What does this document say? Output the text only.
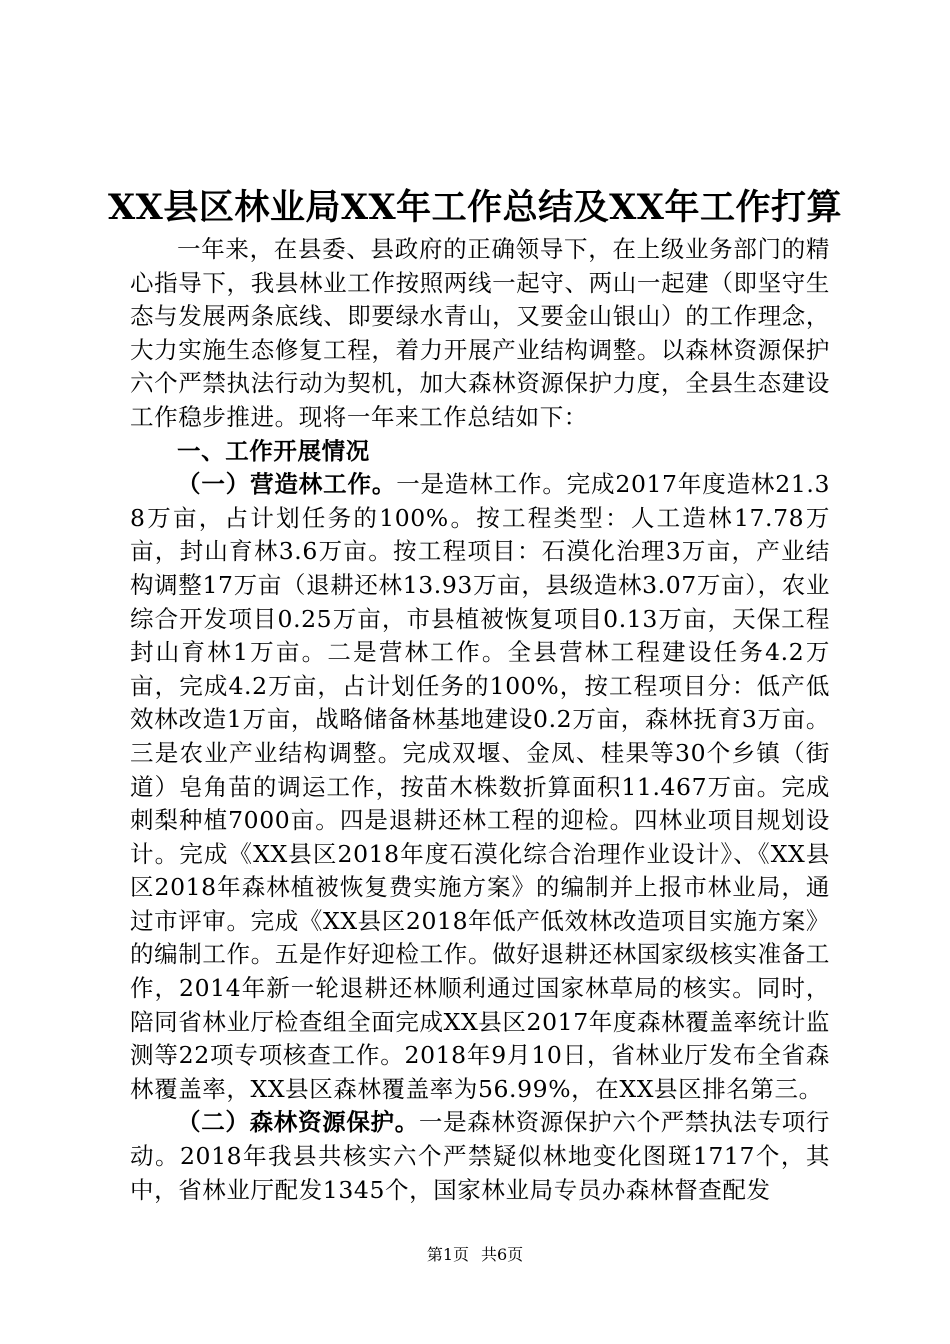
XX县区林业局XX年工作总结及XX年工作打算

一年来，在县委、县政府的正确领导下，在上级业务部门的精心指导下，我县林业工作按照两线一起守、两山一起建（即坚守生态与发展两条底线、即要绿水青山，又要金山银山）的工作理念，大力实施生态修复工程，着力开展产业结构调整。以森林资源保护六个严禁执法行动为契机，加大森林资源保护力度，全县生态建设工作稳步推进。现将一年来工作总结如下：

一、工作开展情况

（一）营造林工作。一是造林工作。完成2017年度造林21.38万亩，占计划任务的100%。按工程类型：人工造林17.78万亩，封山育林3.6万亩。按工程项目：石漠化治理3万亩，产业结构调整17万亩（退耕还林13.93万亩，县级造林3.07万亩），农业综合开发项目0.25万亩，市县植被恢复项目0.13万亩，天保工程封山育林1万亩。二是营林工作。全县营林工程建设任务4.2万亩，完成4.2万亩，占计划任务的100%，按工程项目分：低产低效林改造1万亩，战略储备林基地建设0.2万亩，森林抚育3万亩。三是农业产业结构调整。完成双堰、金凤、桂果等30个乡镇（街道）皂角苗的调运工作，按苗木株数折算面积11.467万亩。完成刺梨种植7000亩。四是退耕还林工程的迎检。四林业项目规划设计。完成《XX县区2018年度石漠化综合治理作业设计》、《XX县区2018年森林植被恢复费实施方案》的编制并上报市林业局，通过市评审。完成《XX县区2018年低产低效林改造项目实施方案》的编制工作。五是作好迎检工作。做好退耕还林国家级核实准备工作，2014年新一轮退耕还林顺利通过国家林草局的核实。同时，陪同省林业厅检查组全面完成XX县区2017年度森林覆盖率统计监测等22项专项核查工作。2018年9月10日，省林业厅发布全省森林覆盖率，XX县区森林覆盖率为56.99%，在XX县区排名第三。

（二）森林资源保护。一是森林资源保护六个严禁执法专项行动。2018年我县共核实六个严禁疑似林地变化图斑1717个，其中，省林业厅配发1345个，国家林业局专员办森林督查配发

第1页 共6页
